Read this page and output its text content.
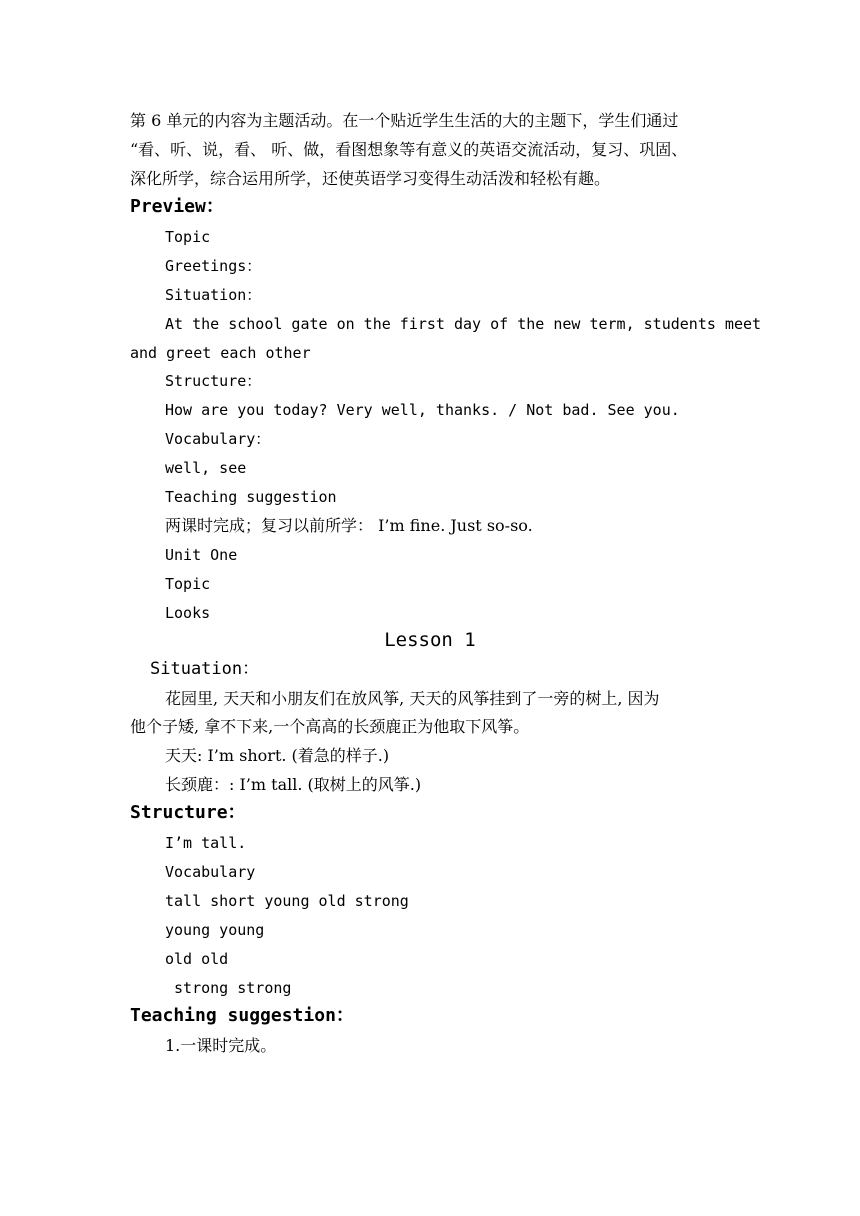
第 6 单元的内容为主题活动。在一个贴近学生生活的大的主题下，学生们通过
“看、听、说，看、 听、做，看图想象等有意义的英语交流活动，复习、巩固、
深化所学，综合运用所学，还使英语学习变得生动活泼和轻松有趣。
Preview：
Topic
Greetings：
Situation：
At the school gate on the first day of the new term, students meet
and greet each other
Structure：
How are you today? Very well, thanks. / Not bad. See you.
Vocabulary：
well, see
Teaching suggestion
两课时完成；复习以前所学： I’m fine. Just so-so.
Unit One
Topic
Looks
Lesson 1
Situation：
花园里, 天天和小朋友们在放风筝, 天天的风筝挂到了一旁的树上, 因为
他个子矮, 拿不下来,一个高高的长颈鹿正为他取下风筝。
天天: I’m short. (着急的样子.)
长颈鹿：: I’m tall. (取树上的风筝.)
Structure：
I’m tall.
Vocabulary
tall short young old strong
young young
old old
strong strong
Teaching suggestion：
1.一课时完成。
